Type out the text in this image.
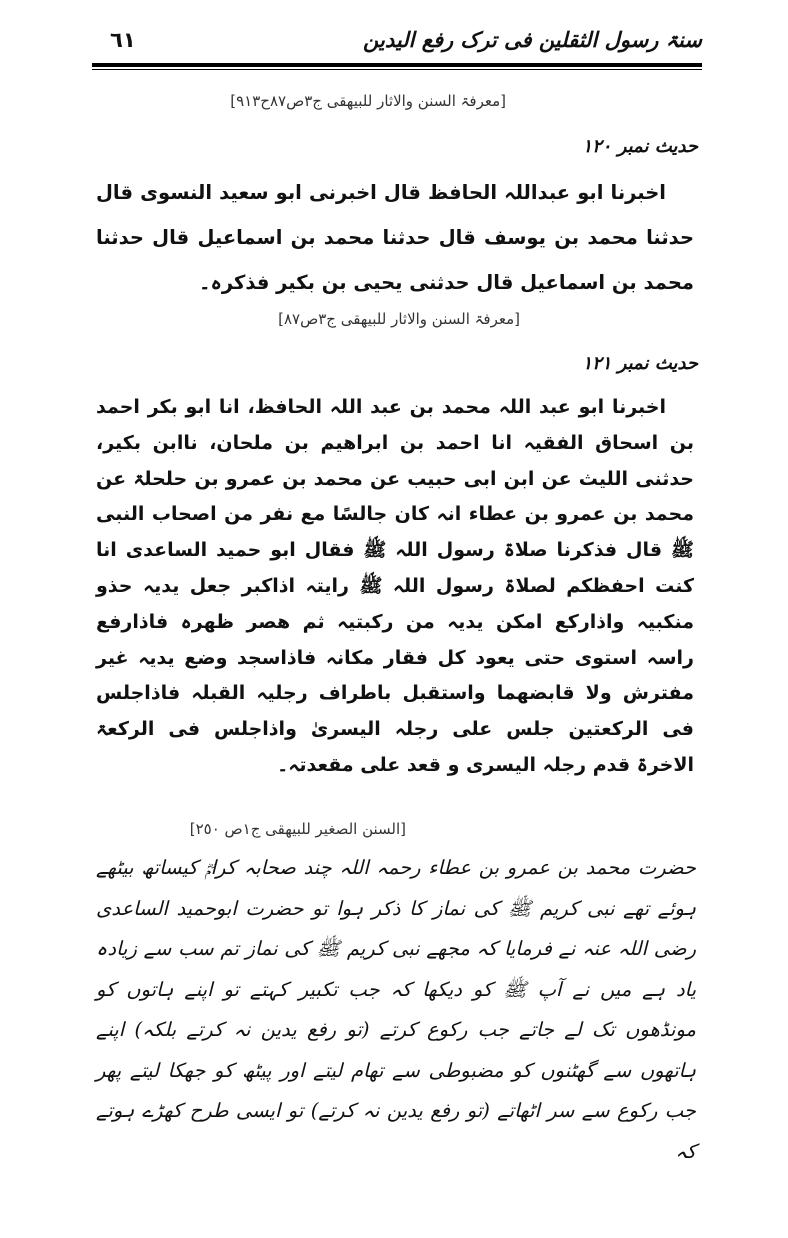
سنۃ رسول الثقلین فی ترک رفع الیدین
٦١
[معرفۃ السنن والاثار للبیھقی ج٣ص٨٧ح٩١٣]
حدیث نمبر ١٢٠

اخبرنا ابو عبداللہ الحافظ قال اخبرنی ابو سعید النسوی قال حدثنا محمد بن یوسف قال حدثنا محمد بن اسماعیل قال حدثنا محمد بن اسماعیل قال حدثنی یحیی بن بکیر فذکرہ۔

[معرفۃ السنن والاثار للبیھقی ج٣ص٨٧]
حدیث نمبر ١٢١

اخبرنا ابو عبد اللہ محمد بن عبد اللہ الحافظ، انا ابو بکر احمد بن اسحاق الفقیہ انا احمد بن ابراھیم بن ملحان، ناابن بکیر، حدثنی اللیث عن ابن ابی حبیب عن محمد بن عمرو بن حلحلۃ عن محمد بن عمرو بن عطاء انہ کان جالسًا مع نفر من اصحاب النبی ﷺ قال فذکرنا صلاۃ رسول اللہ ﷺ فقال ابو حمید الساعدی انا کنت احفظکم لصلاۃ رسول اللہ ﷺ رایتہ اذاکبر جعل یدیہ حذو منکبیہ واذارکع امکن یدیہ من رکبتیہ ثم ھصر ظھرہ فاذارفع راسہ استوی حتی یعود کل فقار مکانہ فاذاسجد وضع یدیہ غیر مفترش ولا قابضھما واستقبل باطراف رجلیہ القبلہ فاذاجلس فی الرکعتین جلس علی رجلہ الیسریٰ واذاجلس فی الرکعۃ الاخرۃ قدم رجلہ الیسری و قعد علی مقعدتہ۔

[السنن الصغیر للبیھقی ج١ص ٢٥٠]

حضرت محمد بن عمرو بن عطاء رحمہ اللہ چند صحابہ کرامؓ کیساتھ بیٹھے ہوئے تھے نبی کریم ﷺ کی نماز کا ذکر ہوا تو حضرت ابوحمید الساعدی رضی اللہ عنہ نے فرمایا کہ مجھے نبی کریم ﷺ کی نماز تم سب سے زیادہ یاد ہے میں نے آپ ﷺ کو دیکھا کہ جب تکبیر کہتے تو اپنے ہاتوں کو مونڈھوں تک لے جاتے جب رکوع کرتے (تو رفع یدین نہ کرتے بلکہ) اپنے ہاتھوں سے گھٹنوں کو مضبوطی سے تھام لیتے اور پیٹھ کو جھکا لیتے پھر جب رکوع سے سر اٹھاتے (تو رفع یدین نہ کرتے) تو ایسی طرح کھڑے ہوتے کہ
